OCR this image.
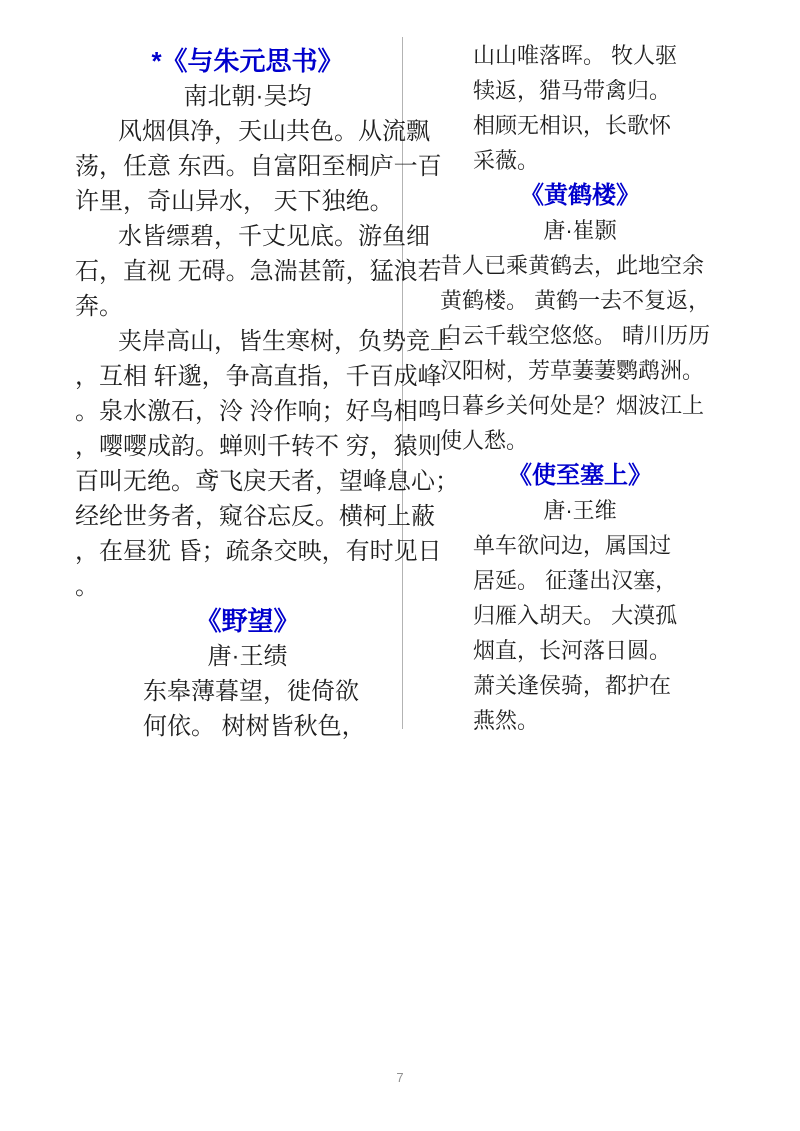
*《与朱元思书》
南北朝·吴均
风烟俱净，天山共色。从流飘
荡，任意 东西。自富阳至桐庐一百
许里，奇山异水， 天下独绝。
水皆缥碧，千丈见底。游鱼细
石，直视 无碍。急湍甚箭，猛浪若
奔。
夹岸高山，皆生寒树，负势竞上
，互相 轩邈，争高直指，千百成峰
。泉水激石，泠 泠作响；好鸟相鸣
，嘤嘤成韵。蝉则千转不 穷，猿则
百叫无绝。鸢飞戾天者，望峰息心；
经纶世务者，窥谷忘反。横柯上蔽
，在昼犹 昏；疏条交映，有时见日
。
《野望》
唐·王绩
东皋薄暮望，徙倚欲
何依。 树树皆秋色，
山山唯落晖。 牧人驱
犊返，猎马带禽归。
相顾无相识，长歌怀
采薇。
《黄鹤楼》
唐·崔颢
昔人已乘黄鹤去，此地空余
黄鹤楼。 黄鹤一去不复返，
白云千载空悠悠。 晴川历历
汉阳树，芳草萋萋鹦鹉洲。
日暮乡关何处是？烟波江上
使人愁。
《使至塞上》
唐·王维
单车欲问边，属国过
居延。 征蓬出汉塞，
归雁入胡天。 大漠孤
烟直，长河落日圆。
萧关逢侯骑，都护在
燕然。
7
